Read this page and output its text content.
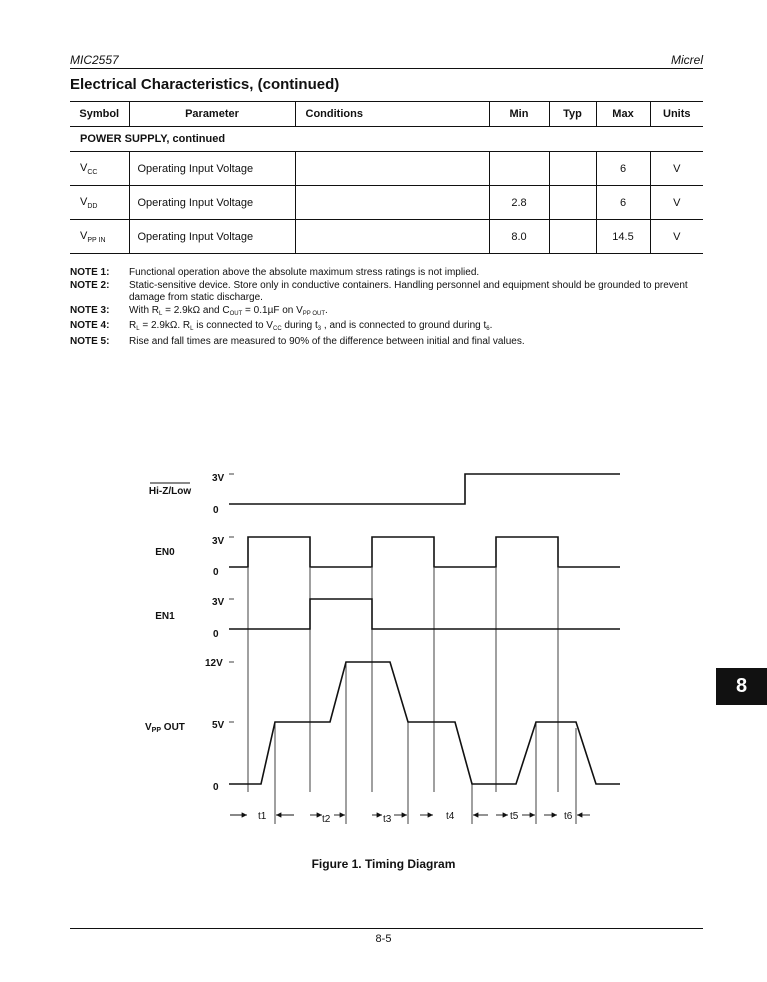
MIC2557	Micrel
Electrical Characteristics, (continued)
Symbol	Parameter	Conditions	Min	Typ	Max	Units
POWER SUPPLY, continued						
$V_{CC}$	Operating Input Voltage				6	V
$V_{DD}$	Operating Input Voltage		2.8		6	V
$V_{PP IN}$	Operating Input Voltage		8.0		14.5	V
NOTE 1:	Functional operation above the absolute maximum stress ratings is not implied.
NOTE 2:	Static-sensitive device. Store only in conductive containers. Handling personnel and equipment should be grounded to prevent damage from static discharge.
NOTE 3:	With $R_L = 2.9k\Omega$ and $C_{OUT} = 0.1\mu F$ on $V_{PP OUT}$.
NOTE 4:	$R_L = 2.9k\Omega$. $R_L$ is connected to $V_{CC}$ during $t_3$ , and is connected to ground during $t_6$.
NOTE 5:	Rise and fall times are measured to 90% of the difference between initial and final values.
Hi-Z/Low
EN0
EN1
$V_{PP}$ OUT
3V
0
3V
0
3V
0
12V
5V
0
t1	t2	t3	t4	t5	t6
Figure 1. Timing Diagram
8
8-5
